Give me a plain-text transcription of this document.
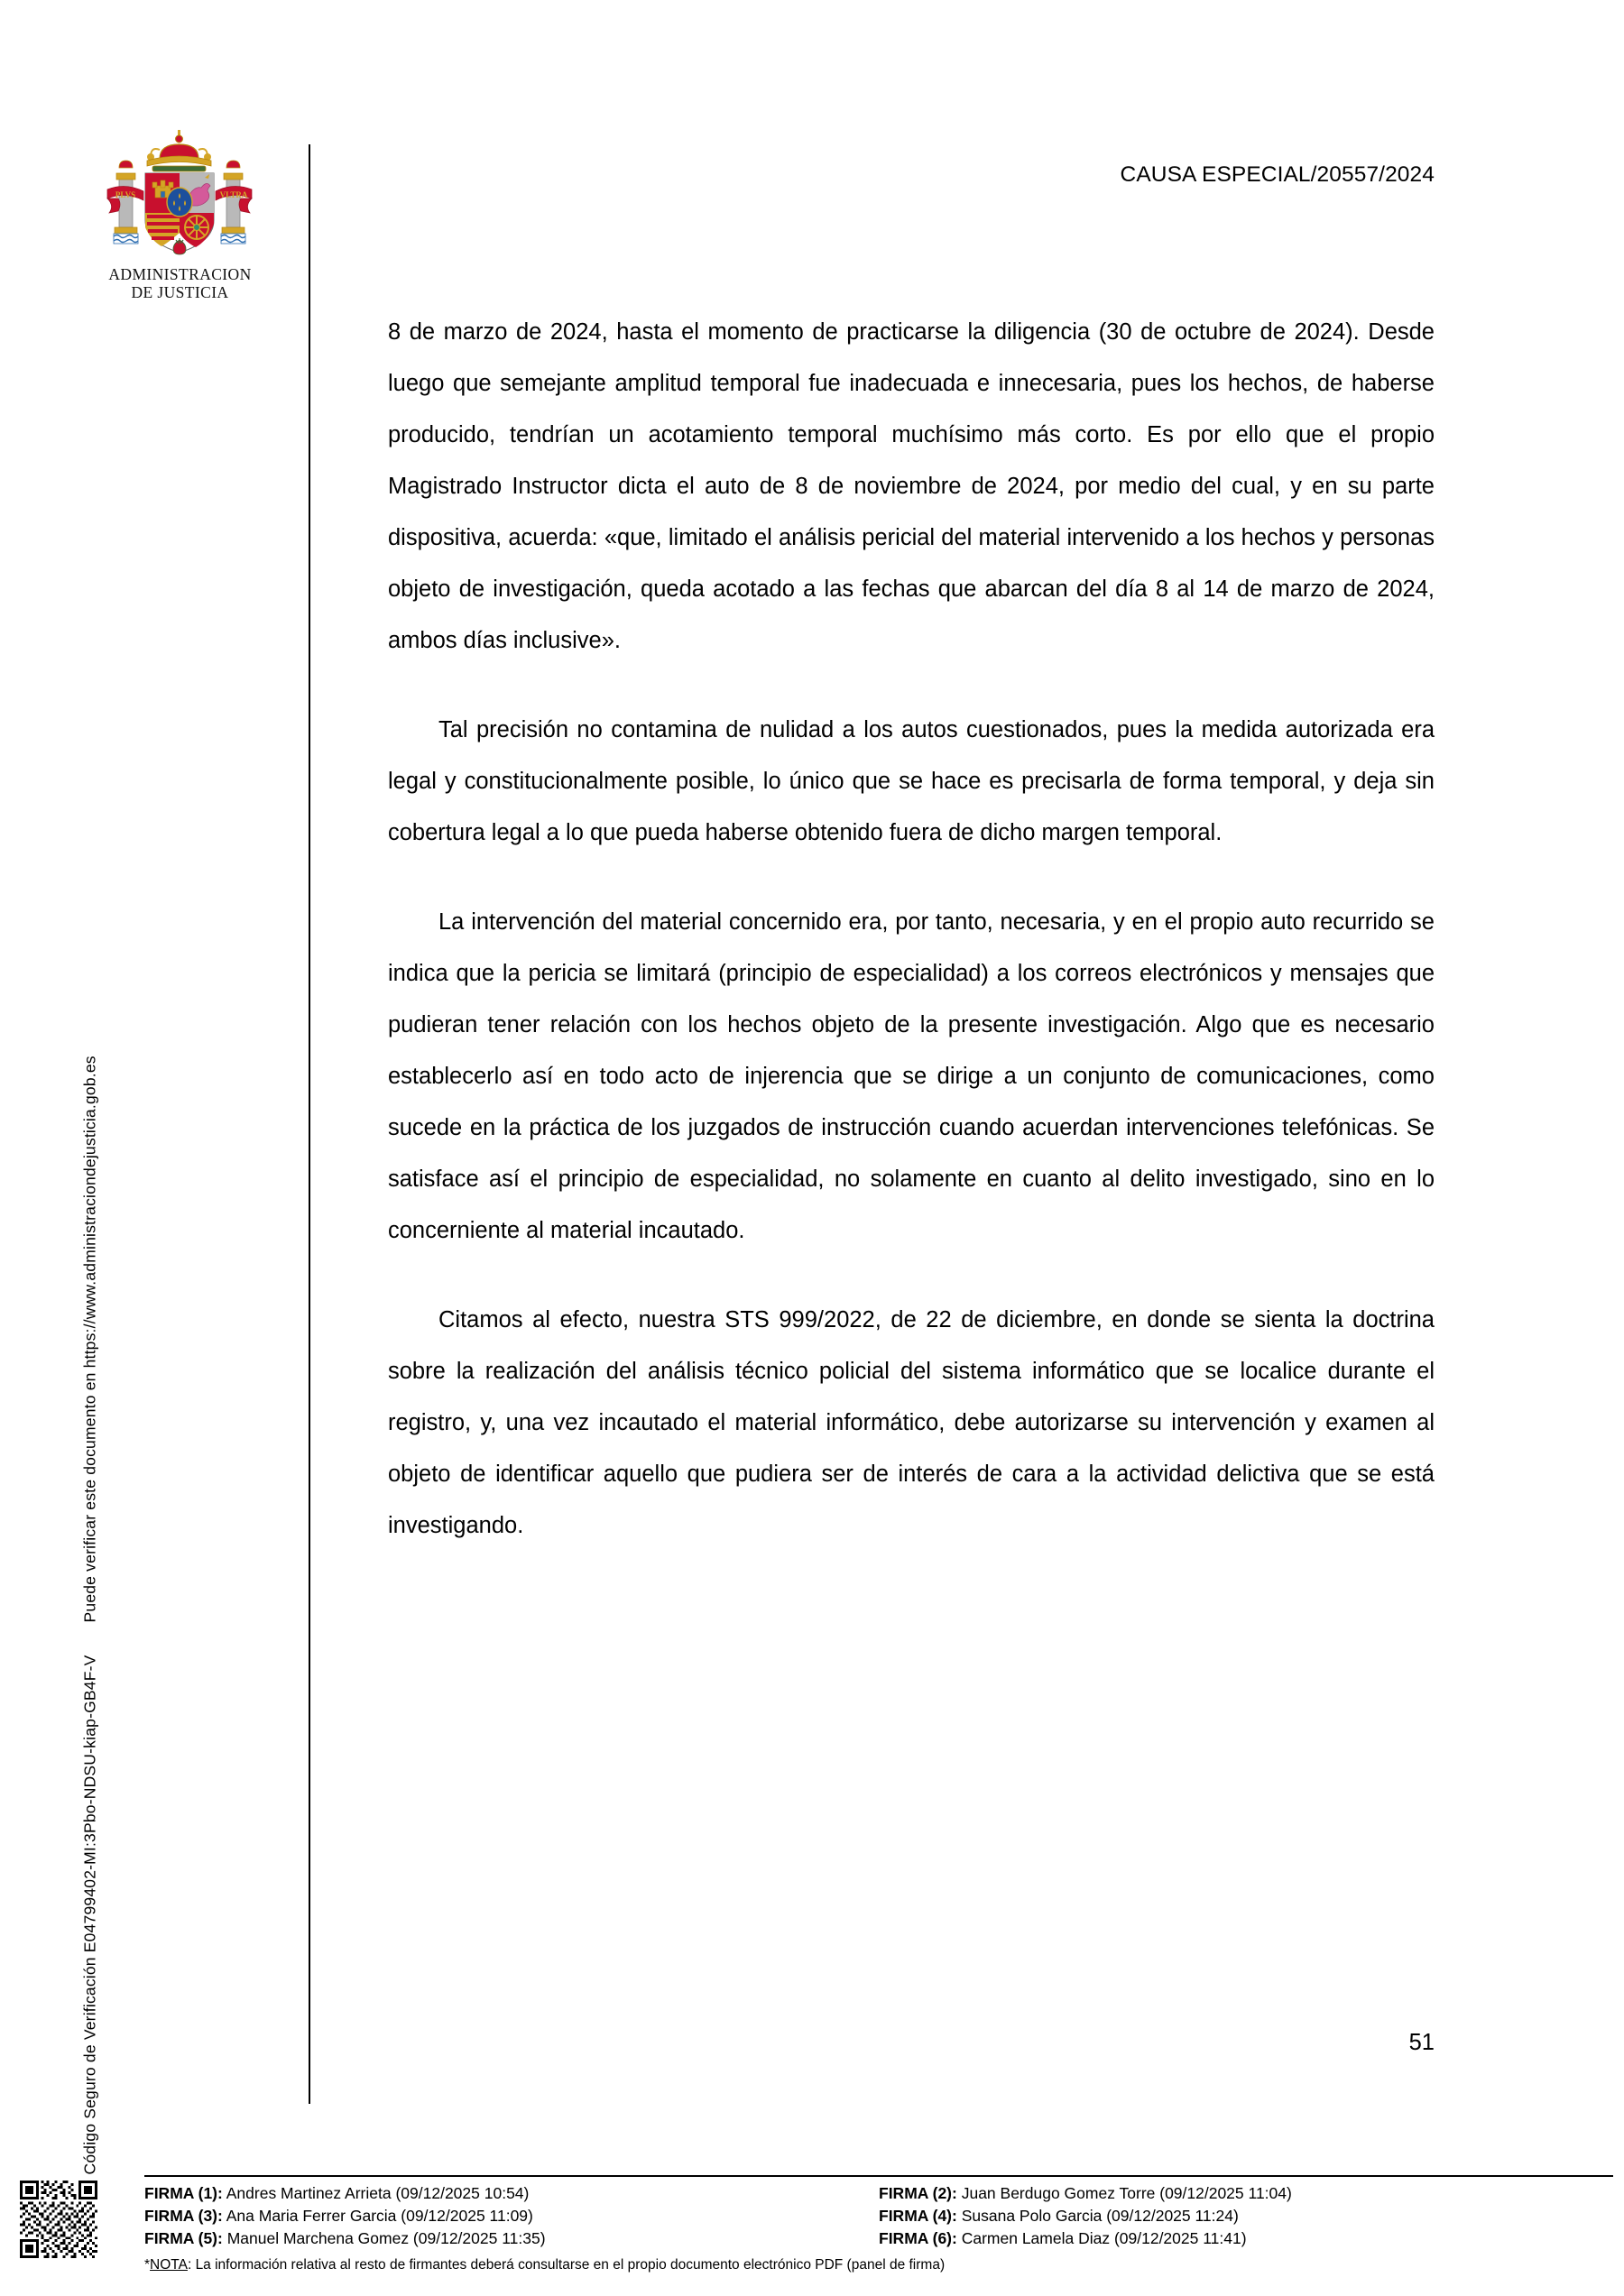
Código Seguro de Verificación E04799402-MI:3Pbo-NDSU-kiap-GB4F-VPuede verificar este documento en https://www.administraciondejusticia.gob.es
PLVS	VLTRA
ADMINISTRACION
DE JUSTICIA
CAUSA ESPECIAL/20557/2024

8 de marzo de 2024, hasta el momento de practicarse la diligencia (30 de octubre de 2024). Desde luego que semejante amplitud temporal fue inadecuada e innecesaria, pues los hechos, de haberse producido, tendrían un acotamiento temporal muchísimo más corto. Es por ello que el propio Magistrado Instructor dicta el auto de 8 de noviembre de 2024, por medio del cual, y en su parte dispositiva, acuerda: «que, limitado el análisis pericial del material intervenido a los hechos y personas objeto de investigación, queda acotado a las fechas que abarcan del día 8 al 14 de marzo de 2024, ambos días inclusive».

Tal precisión no contamina de nulidad a los autos cuestionados, pues la medida autorizada era legal y constitucionalmente posible, lo único que se hace es precisarla de forma temporal, y deja sin cobertura legal a lo que pueda haberse obtenido fuera de dicho margen temporal.

La intervención del material concernido era, por tanto, necesaria, y en el propio auto recurrido se indica que la pericia se limitará (principio de especialidad) a los correos electrónicos y mensajes que pudieran tener relación con los hechos objeto de la presente investigación. Algo que es necesario establecerlo así en todo acto de injerencia que se dirige a un conjunto de comunicaciones, como sucede en la práctica de los juzgados de instrucción cuando acuerdan intervenciones telefónicas. Se satisface así el principio de especialidad, no solamente en cuanto al delito investigado, sino en lo concerniente al material incautado.

Citamos al efecto, nuestra STS 999/2022, de 22 de diciembre, en donde se sienta la doctrina sobre la realización del análisis técnico policial del sistema informático que se localice durante el registro, y, una vez incautado el material informático, debe autorizarse su intervención y examen al objeto de identificar aquello que pudiera ser de interés de cara a la actividad delictiva que se está investigando.

51
FIRMA (1): Andres Martinez Arrieta (09/12/2025 10:54)
FIRMA (3): Ana Maria Ferrer Garcia (09/12/2025 11:09)
FIRMA (5): Manuel Marchena Gomez (09/12/2025 11:35)
FIRMA (2): Juan Berdugo Gomez Torre (09/12/2025 11:04)
FIRMA (4): Susana Polo Garcia (09/12/2025 11:24)
FIRMA (6): Carmen Lamela Diaz (09/12/2025 11:41)
*NOTA: La información relativa al resto de firmantes deberá consultarse en el propio documento electrónico PDF (panel de firma)
